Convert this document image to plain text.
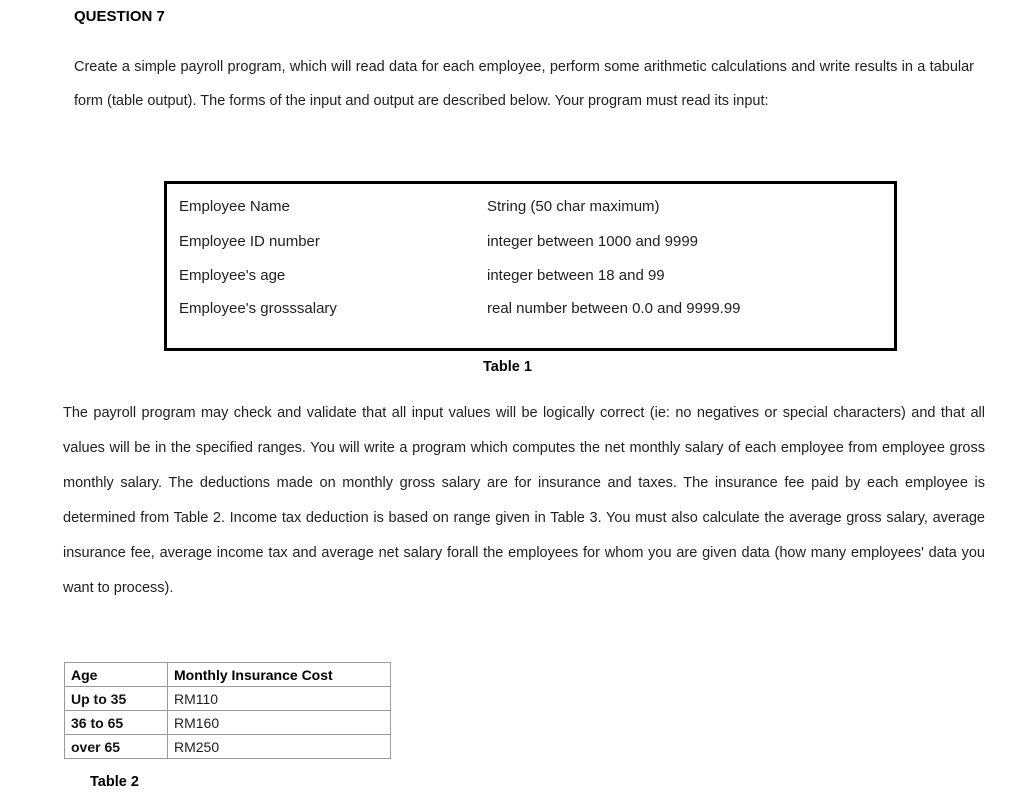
QUESTION 7

Create a simple payroll program, which will read data for each employee, perform some arithmetic calculations and write results in a tabular form (table output). The forms of the input and output are described below. Your program must read its input:

Employee Name	String (50 char maximum)
Employee ID number	integer between 1000 and 9999
Employee's age	integer between 18 and 99
Employee's grosssalary	real number between 0.0 and 9999.99
Table 1

The payroll program may check and validate that all input values will be logically correct (ie: no negatives or special characters) and that all values will be in the specified ranges. You will write a program which computes the net monthly salary of each employee from employee gross monthly salary. The deductions made on monthly gross salary are for insurance and taxes. The insurance fee paid by each employee is determined from Table 2. Income tax deduction is based on range given in Table 3. You must also calculate the average gross salary, average insurance fee, average income tax and average net salary forall the employees for whom you are given data (how many employees' data you want to process).

Age	Monthly Insurance Cost
Up to 35	RM110
36 to 65	RM160
over 65	RM250
Table 2
